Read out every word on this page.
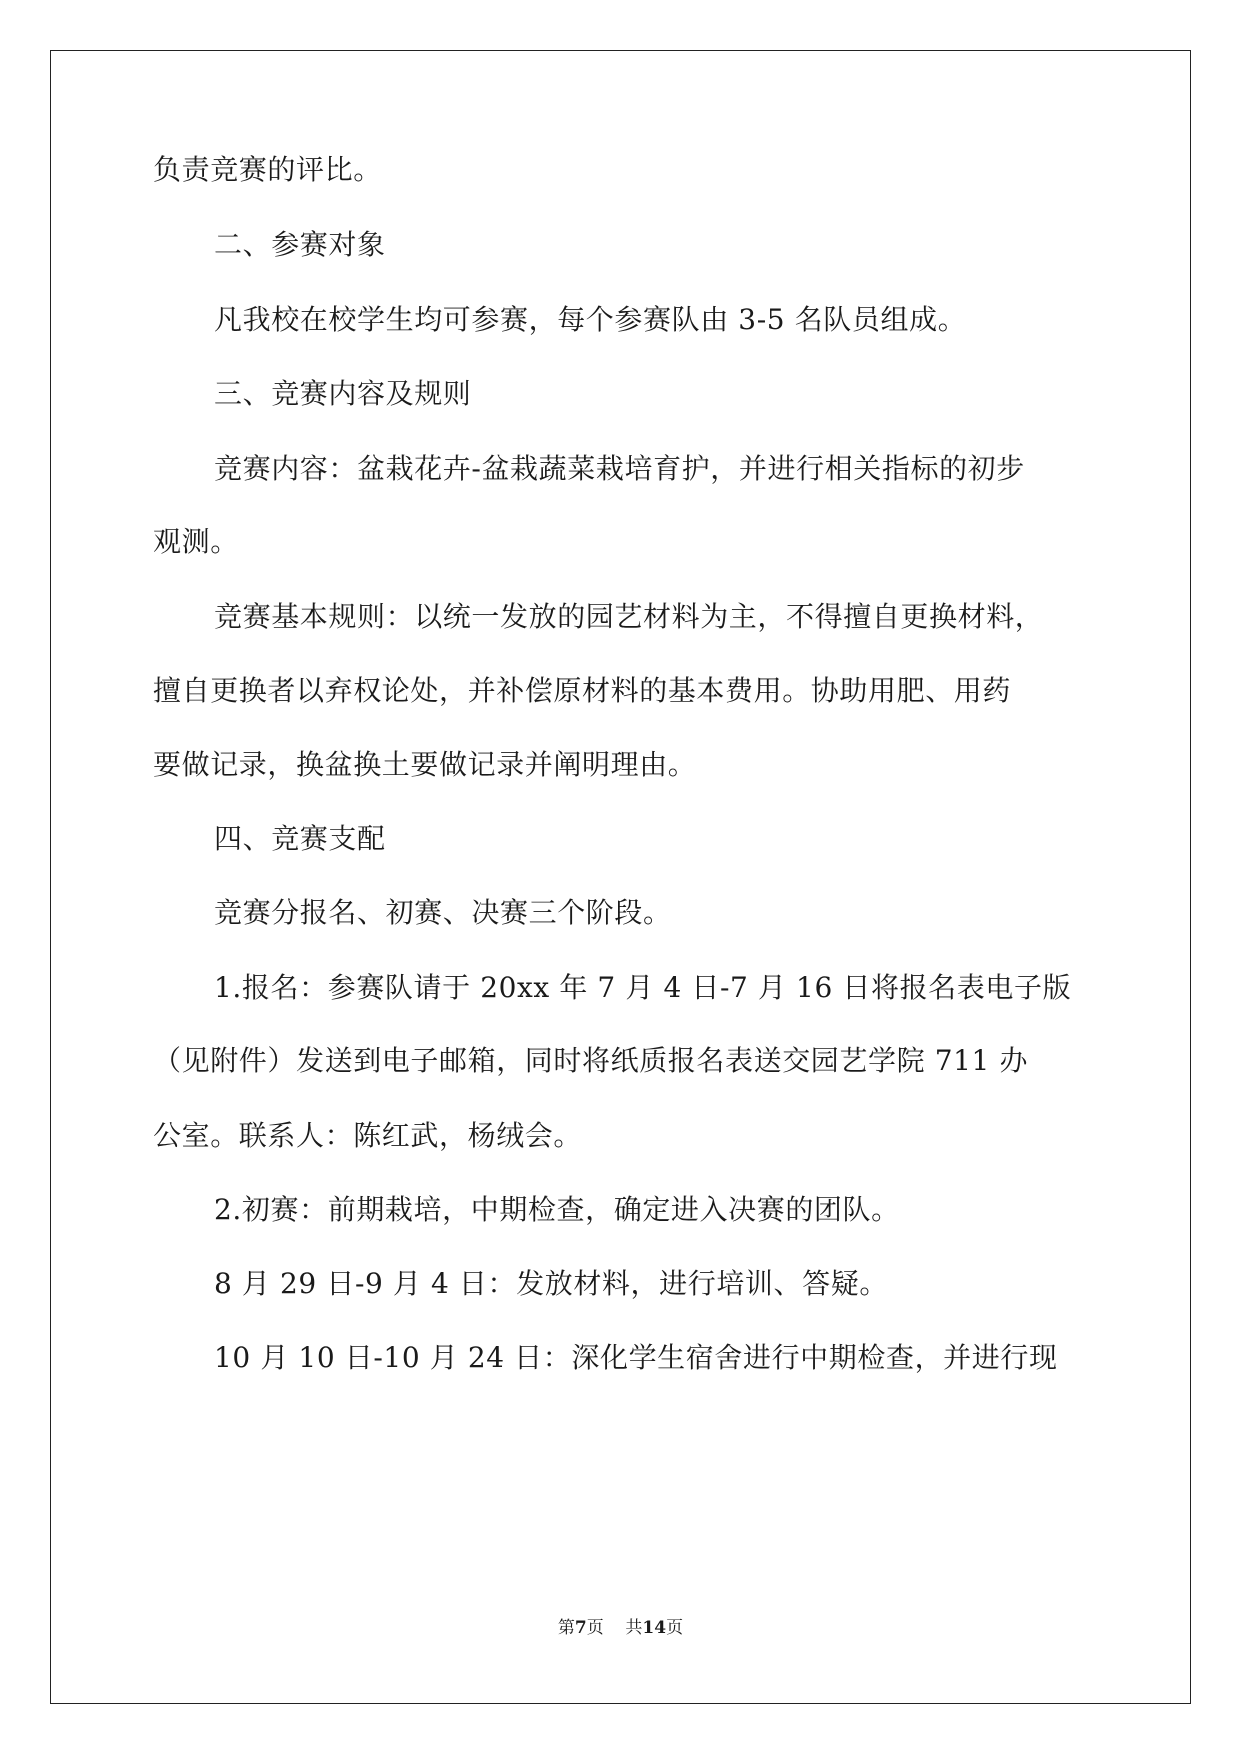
负责竞赛的评比。
二、参赛对象
凡我校在校学生均可参赛，每个参赛队由 3-5 名队员组成。
三、竞赛内容及规则
竞赛内容：盆栽花卉-盆栽蔬菜栽培育护，并进行相关指标的初步
观测。
竞赛基本规则：以统一发放的园艺材料为主，不得擅自更换材料，
擅自更换者以弃权论处，并补偿原材料的基本费用。协助用肥、用药
要做记录，换盆换土要做记录并阐明理由。
四、竞赛支配
竞赛分报名、初赛、决赛三个阶段。
1.报名：参赛队请于 20xx 年 7 月 4 日-7 月 16 日将报名表电子版
（见附件）发送到电子邮箱，同时将纸质报名表送交园艺学院 711 办
公室。联系人：陈红武，杨绒会。
2.初赛：前期栽培，中期检查，确定进入决赛的团队。
8 月 29 日-9 月 4 日：发放材料，进行培训、答疑。
10 月 10 日-10 月 24 日：深化学生宿舍进行中期检查，并进行现
第7页 共14页
